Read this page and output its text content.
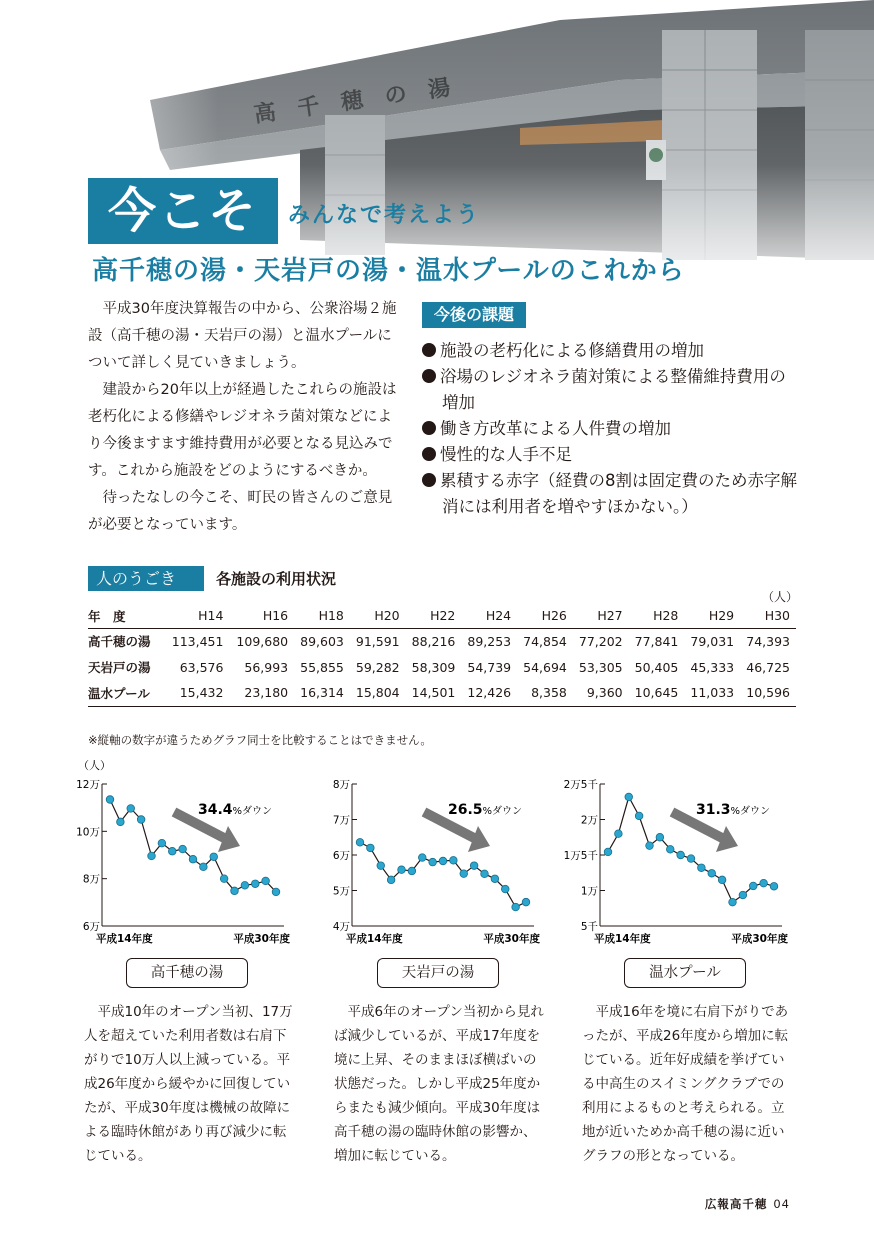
今こそ	みんなで考えよう
高千穂の湯・天岩戸の湯・温水プールのこれから

平成30年度決算報告の中から、公衆浴場２施設（高千穂の湯・天岩戸の湯）と温水プールについて詳しく見ていきましょう。

建設から20年以上が経過したこれらの施設は老朽化による修繕やレジオネラ菌対策などにより今後ますます維持費用が必要となる見込みです。これから施設をどのようにするべきか。

待ったなしの今こそ、町民の皆さんのご意見が必要となっています。

今後の課題
施設の老朽化による修繕費用の増加
浴場のレジオネラ菌対策による整備維持費用の増加
働き方改革による人件費の増加
慢性的な人手不足
累積する赤字（経費の8割は固定費のため赤字解消には利用者を増やすほかない。）
人のうごき	各施設の利用状況
（人）
年　度	H14	H16	H18	H20	H22	H24	H26	H27	H28	H29	H30
高千穂の湯	113,451	109,680	89,603	91,591	88,216	89,253	74,854	77,202	77,841	79,031	74,393
天岩戸の湯	63,576	56,993	55,855	59,282	58,309	54,739	54,694	53,305	50,405	45,333	46,725
温水プール	15,432	23,180	16,314	15,804	14,501	12,426	8,358	9,360	10,645	11,033	10,596
※縦軸の数字が違うためグラフ同士を比較することはできません。
（人）
12万
10万
8万
6万
平成14年度	平成30年度
34.4%ダウン
8万
7万
6万
5万
4万
平成14年度	平成30年度
26.5%ダウン
2万5千
2万
1万5千
1万
5千
平成14年度	平成30年度
31.3%ダウン
高千穂の湯	天岩戸の湯	温水プール

平成10年のオープン当初、17万人を超えていた利用者数は右肩下がりで10万人以上減っている。平成26年度から緩やかに回復していたが、平成30年度は機械の故障による臨時休館があり再び減少に転じている。

平成6年のオープン当初から見れば減少しているが、平成17年度を境に上昇、そのままほぼ横ばいの状態だった。しかし平成25年度からまたも減少傾向。平成30年度は高千穂の湯の臨時休館の影響か、増加に転じている。

平成16年を境に右肩下がりであったが、平成26年度から増加に転じている。近年好成績を挙げている中高生のスイミングクラブでの利用によるものと考えられる。立地が近いためか高千穂の湯に近いグラフの形となっている。

広報高千穂 04
